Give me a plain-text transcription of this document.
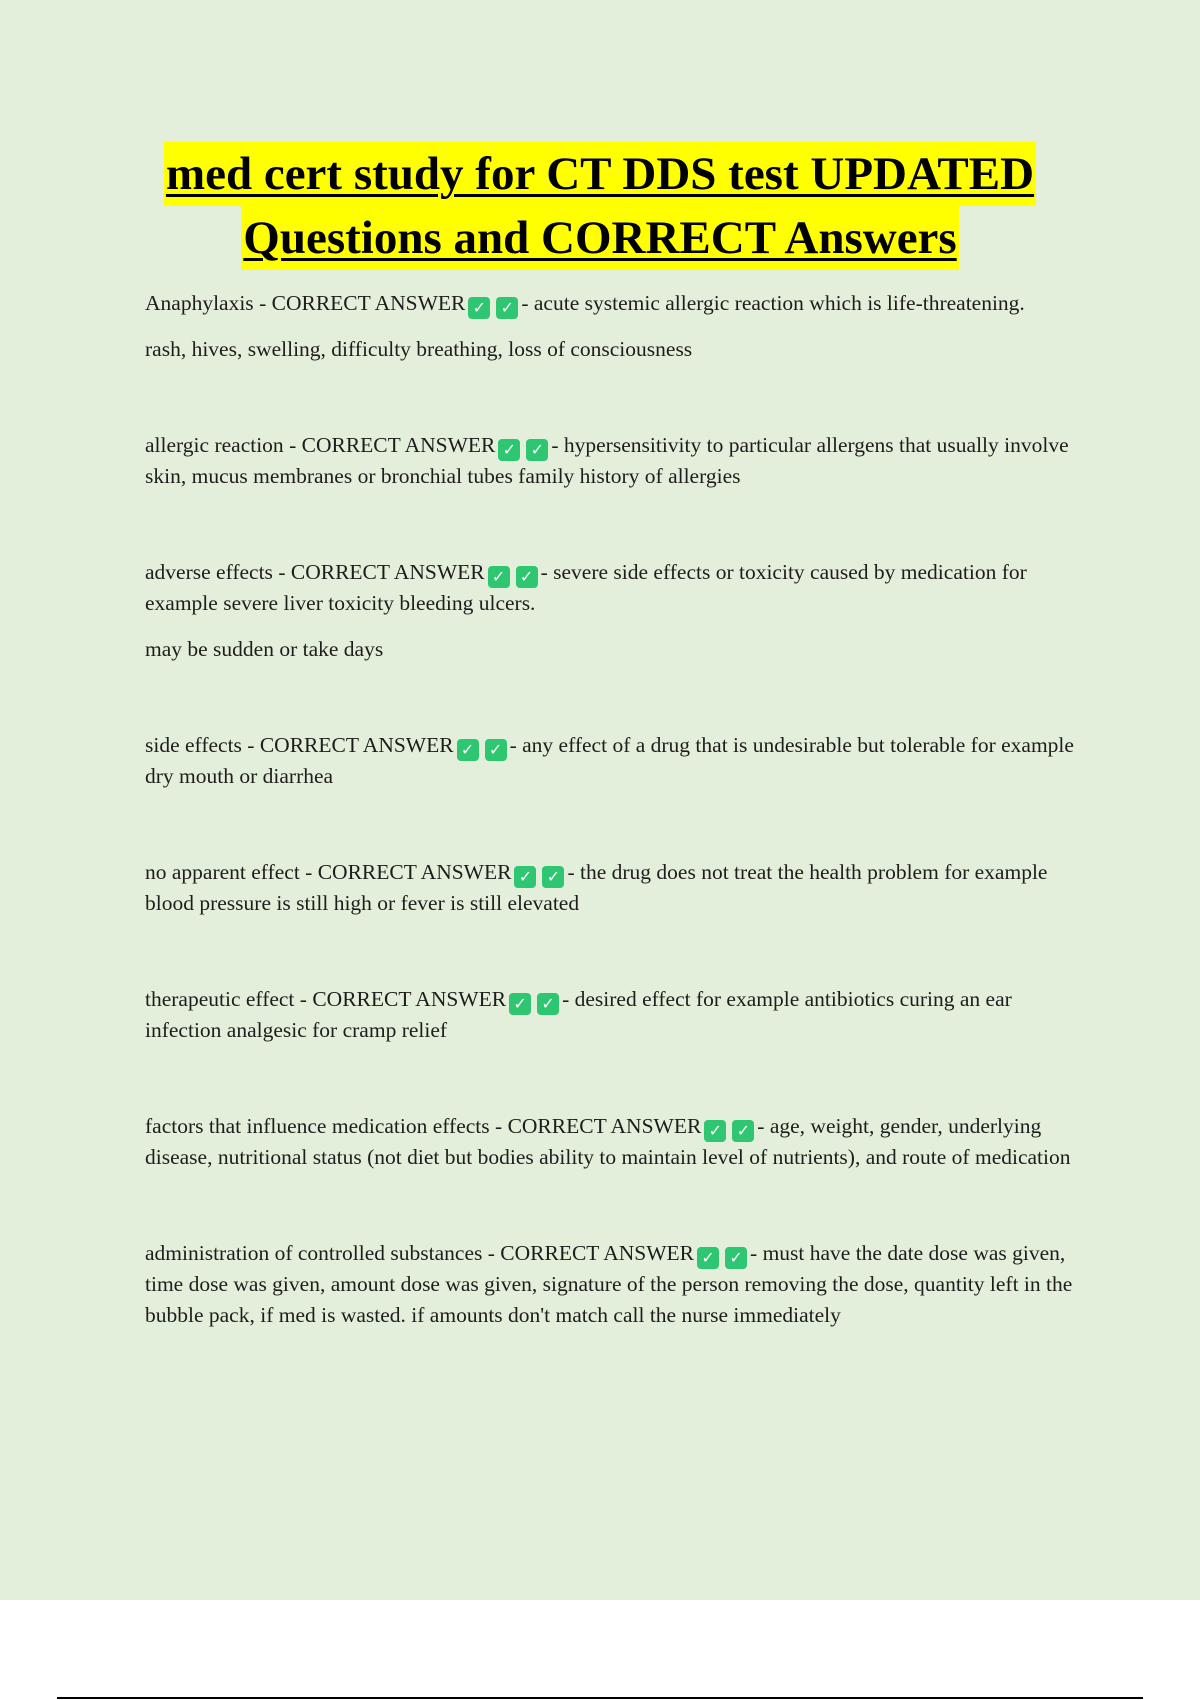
med cert study for CT DDS test UPDATED
Questions and CORRECT Answers

Anaphylaxis - CORRECT ANSWER ✓ ✓ - acute systemic allergic reaction which is life-threatening.

rash, hives, swelling, difficulty breathing, loss of consciousness

allergic reaction - CORRECT ANSWER ✓ ✓ - hypersensitivity to particular allergens that usually involve skin, mucus membranes or bronchial tubes family history of allergies

adverse effects - CORRECT ANSWER ✓ ✓ - severe side effects or toxicity caused by medication for example severe liver toxicity bleeding ulcers.

may be sudden or take days

side effects - CORRECT ANSWER ✓ ✓ - any effect of a drug that is undesirable but tolerable for example dry mouth or diarrhea

no apparent effect - CORRECT ANSWER ✓ ✓ - the drug does not treat the health problem for example blood pressure is still high or fever is still elevated

therapeutic effect - CORRECT ANSWER ✓ ✓ - desired effect for example antibiotics curing an ear infection analgesic for cramp relief

factors that influence medication effects - CORRECT ANSWER ✓ ✓ - age, weight, gender, underlying disease, nutritional status (not diet but bodies ability to maintain level of nutrients), and route of medication

administration of controlled substances - CORRECT ANSWER ✓ ✓ - must have the date dose was given, time dose was given, amount dose was given, signature of the person removing the dose, quantity left in the bubble pack, if med is wasted. if amounts don't match call the nurse immediately
